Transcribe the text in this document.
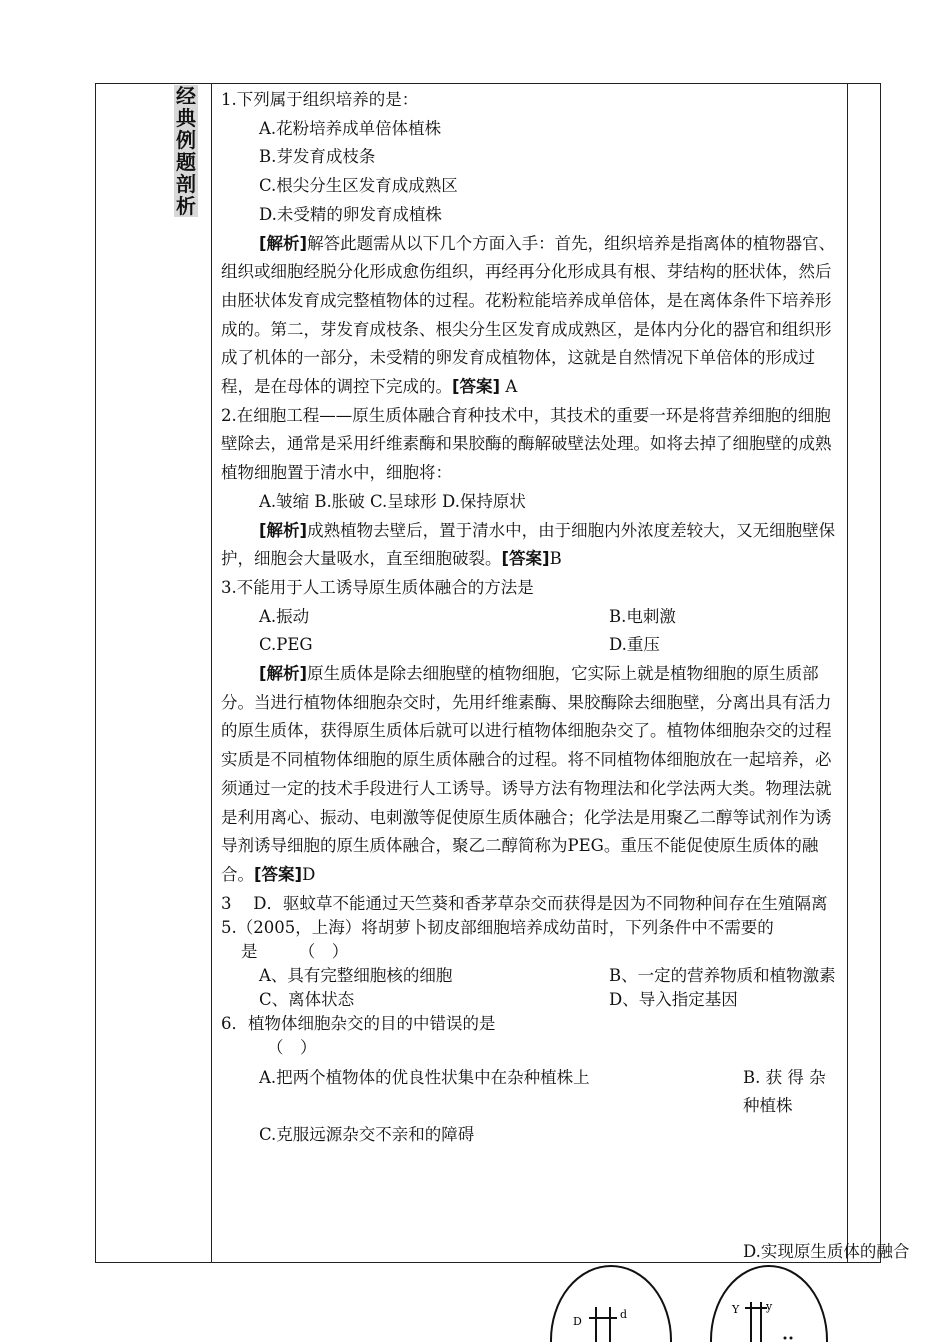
经
典
例
题
剖
析

1.下列属于组织培养的是：

A.花粉培养成单倍体植株

B.芽发育成枝条

C.根尖分生区发育成成熟区

D.未受精的卵发育成植株

[解析]解答此题需从以下几个方面入手：首先，组织培养是指离体的植物器官、组织或细胞经脱分化形成愈伤组织，再经再分化形成具有根、芽结构的胚状体，然后由胚状体发育成完整植物体的过程。花粉粒能培养成单倍体，是在离体条件下培养形成的。第二，芽发育成枝条、根尖分生区发育成成熟区，是体内分化的器官和组织形成了机体的一部分，未受精的卵发育成植物体，这就是自然情况下单倍体的形成过程，是在母体的调控下完成的。[答案] A

2.在细胞工程——原生质体融合育种技术中，其技术的重要一环是将营养细胞的细胞壁除去，通常是采用纤维素酶和果胶酶的酶解破壁法处理。如将去掉了细胞壁的成熟植物细胞置于清水中，细胞将：

A.皱缩 B.胀破 C.呈球形 D.保持原状

[解析]成熟植物去壁后，置于清水中，由于细胞内外浓度差较大，又无细胞壁保护，细胞会大量吸水，直至细胞破裂。[答案]B

3.不能用于人工诱导原生质体融合的方法是

A.振动	B.电刺激
C.PEG	D.重压

[解析]原生质体是除去细胞壁的植物细胞，它实际上就是植物细胞的原生质部分。当进行植物体细胞杂交时，先用纤维素酶、果胶酶除去细胞壁，分离出具有活力的原生质体，获得原生质体后就可以进行植物体细胞杂交了。植物体细胞杂交的过程实质是不同植物体细胞的原生质体融合的过程。将不同植物体细胞放在一起培养，必须通过一定的技术手段进行人工诱导。诱导方法有物理法和化学法两大类。物理法就是利用离心、振动、电刺激等促使原生质体融合；化学法是用聚乙二醇等试剂作为诱导剂诱导细胞的原生质体融合，聚乙二醇简称为PEG。重压不能促使原生质体的融合。[答案]D

3　 D．驱蚊草不能通过天竺葵和香茅草杂交而获得是因为不同物种间存在生殖隔离

5.（2005，上海）将胡萝卜韧皮部细胞培养成幼苗时，下列条件中不需要的

是　　　（　）

A、具有完整细胞核的细胞	B、一定的营养物质和植物激素
C、离体状态	D、导入指定基因

6．植物体细胞杂交的目的中错误的是

（　）

A.把两个植物体的优良性状集中在杂种植株上	B. 获 得 杂种植株

C.克服远源杂交不亲和的障碍

D.实现原生质体的融合
D
d	Y y
